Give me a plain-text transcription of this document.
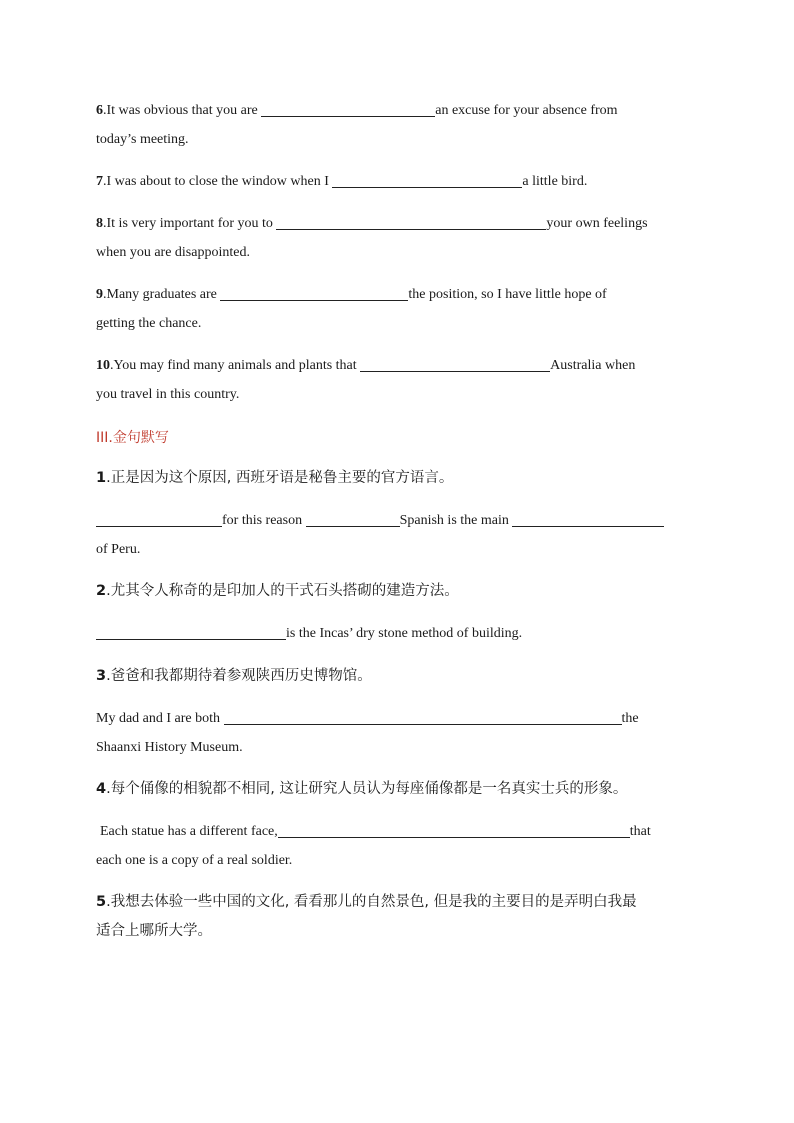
6.It was obvious that you are	an excuse for your absence from
today’s meeting.
7.I was about to close the window when I	a little bird.
8.It is very important for you to	your own feelings
when you are disappointed.
9.Many graduates are	the position, so I have little hope of
getting the chance.
10.You may find many animals and plants that	Australia when
you travel in this country.
III.金句默写
1.正是因为这个原因, 西班牙语是秘鲁主要的官方语言。
for this reason	Spanish is the main
of Peru.
2.尤其令人称奇的是印加人的干式石头搭砌的建造方法。
is the Incas’ dry stone method of building.
3.爸爸和我都期待着参观陕西历史博物馆。
My dad and I are both	the
Shaanxi History Museum.
4.每个俑像的相貌都不相同, 这让研究人员认为每座俑像都是一名真实士兵的形象。
Each statue has a different face,	that
each one is a copy of a real soldier.
5.我想去体验一些中国的文化, 看看那儿的自然景色, 但是我的主要目的是弄明白我最
适合上哪所大学。
